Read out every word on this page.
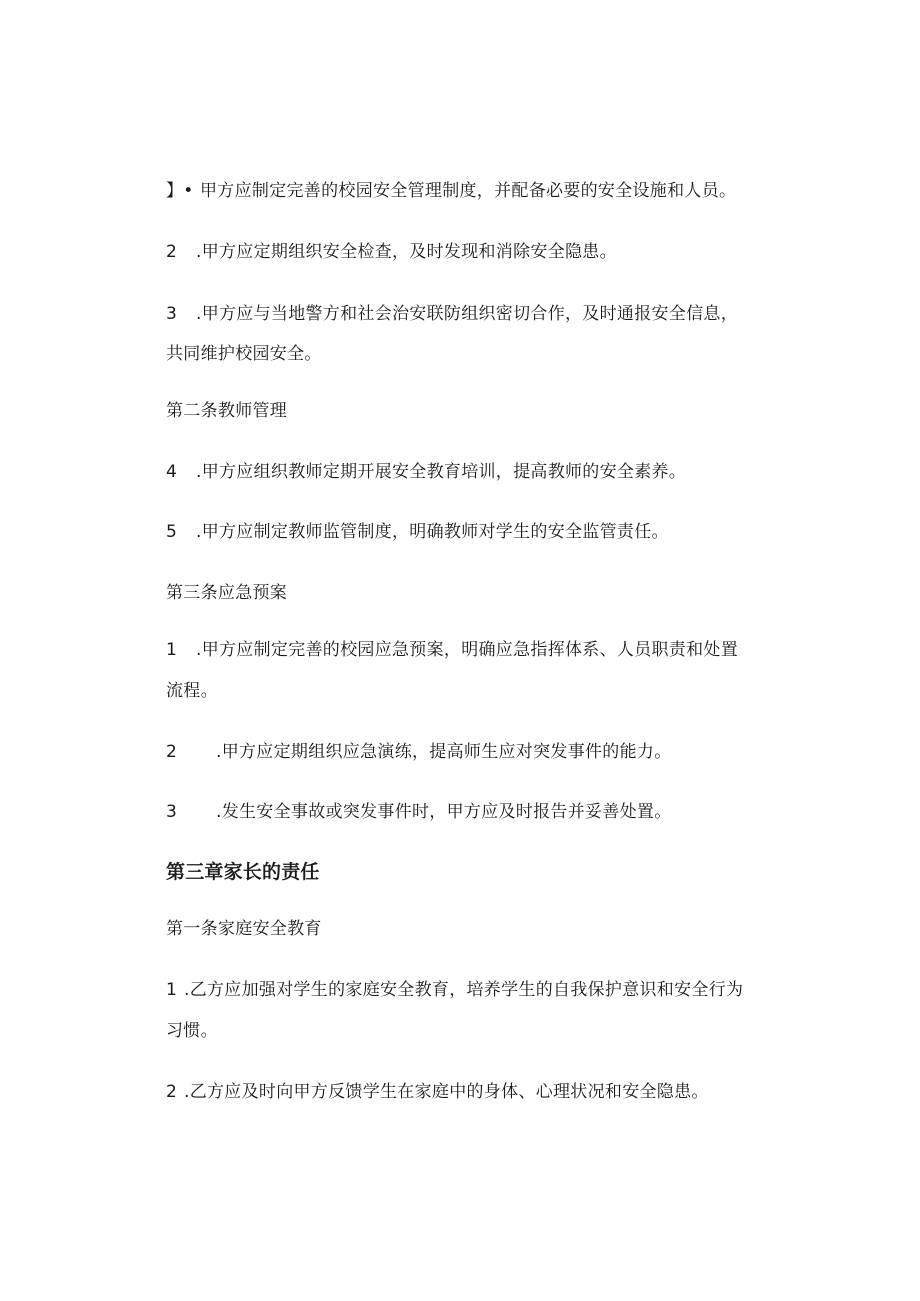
】• 甲方应制定完善的校园安全管理制度，并配备必要的安全设施和人员。
2 .甲方应定期组织安全检查，及时发现和消除安全隐患。
3 .甲方应与当地警方和社会治安联防组织密切合作，及时通报安全信息，
共同维护校园安全。
第二条教师管理
4 .甲方应组织教师定期开展安全教育培训，提高教师的安全素养。
5 .甲方应制定教师监管制度，明确教师对学生的安全监管责任。
第三条应急预案
1 .甲方应制定完善的校园应急预案，明确应急指挥体系、人员职责和处置
流程。
2 .甲方应定期组织应急演练，提高师生应对突发事件的能力。
3 .发生安全事故或突发事件时，甲方应及时报告并妥善处置。
第三章家长的责任
第一条家庭安全教育
1 .乙方应加强对学生的家庭安全教育，培养学生的自我保护意识和安全行为
习惯。
2 .乙方应及时向甲方反馈学生在家庭中的身体、心理状况和安全隐患。
